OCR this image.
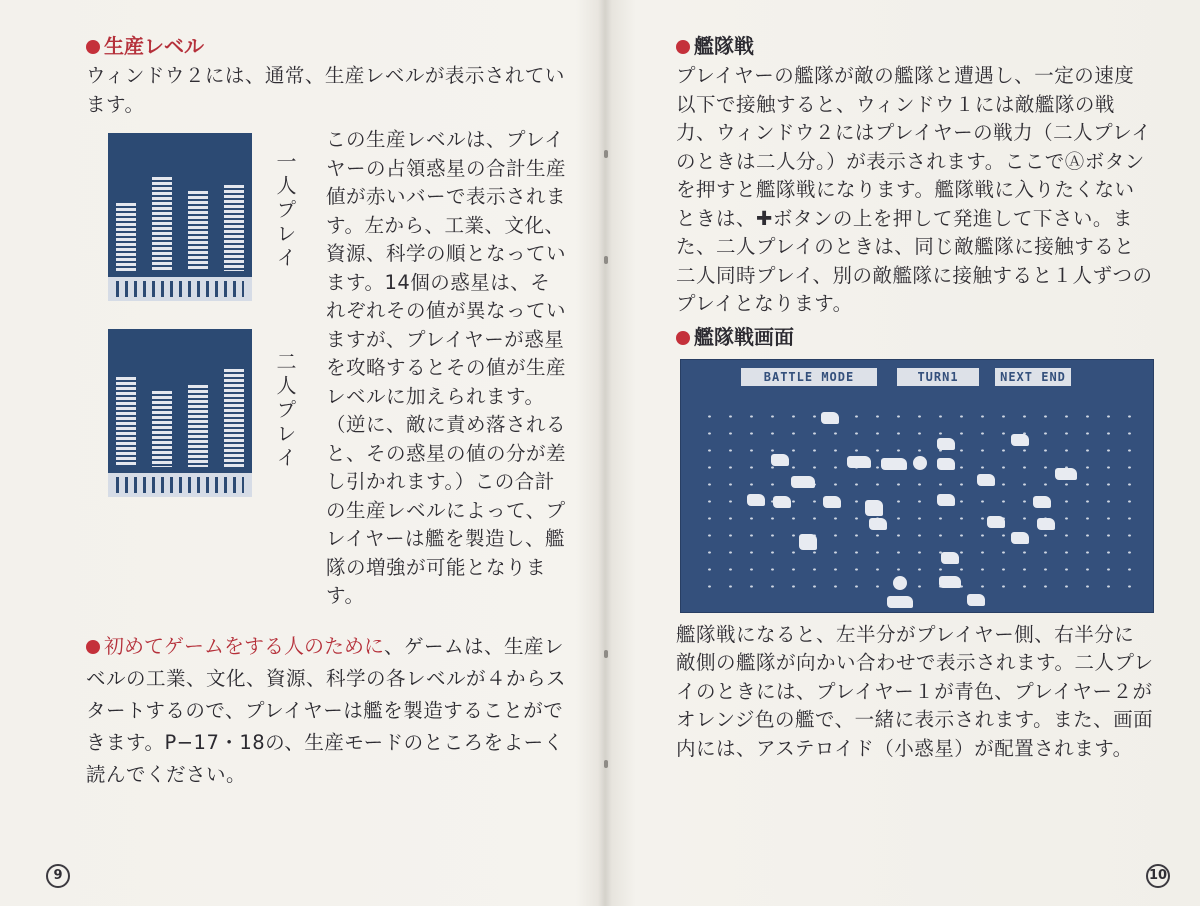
生産レベル

ウィンドウ２には、通常、生産レベルが表示されています。

一人プレイ
二人プレイ

この生産レベルは、プレイヤーの占領惑星の合計生産値が赤いバーで表示されます。左から、工業、文化、資源、科学の順となっています。14個の惑星は、それぞれその値が異なっていますが、プレイヤーが惑星を攻略するとその値が生産レベルに加えられます。（逆に、敵に責め落されると、その惑星の値の分が差し引かれます。）この合計の生産レベルによって、プレイヤーは艦を製造し、艦隊の増強が可能となります。

初めてゲームをする人のために、ゲームは、生産レベルの工業、文化、資源、科学の各レベルが４からスタートするので、プレイヤーは艦を製造することができます。P−17・18の、生産モードのところをよーく読んでください。

9

艦隊戦

プレイヤーの艦隊が敵の艦隊と遭遇し、一定の速度以下で接触すると、ウィンドウ１には敵艦隊の戦力、ウィンドウ２にはプレイヤーの戦力（二人プレイのときは二人分。）が表示されます。ここでⒶボタンを押すと艦隊戦になります。艦隊戦に入りたくないときは、✚ボタンの上を押して発進して下さい。また、二人プレイのときは、同じ敵艦隊に接触すると二人同時プレイ、別の敵艦隊に接触すると１人ずつのプレイとなります。

艦隊戦画面

BATTLE MODE	TURN1	NEXT END

艦隊戦になると、左半分がプレイヤー側、右半分に敵側の艦隊が向かい合わせで表示されます。二人プレイのときには、プレイヤー１が青色、プレイヤー２がオレンジ色の艦で、一緒に表示されます。また、画面内には、アステロイド（小惑星）が配置されます。

10
